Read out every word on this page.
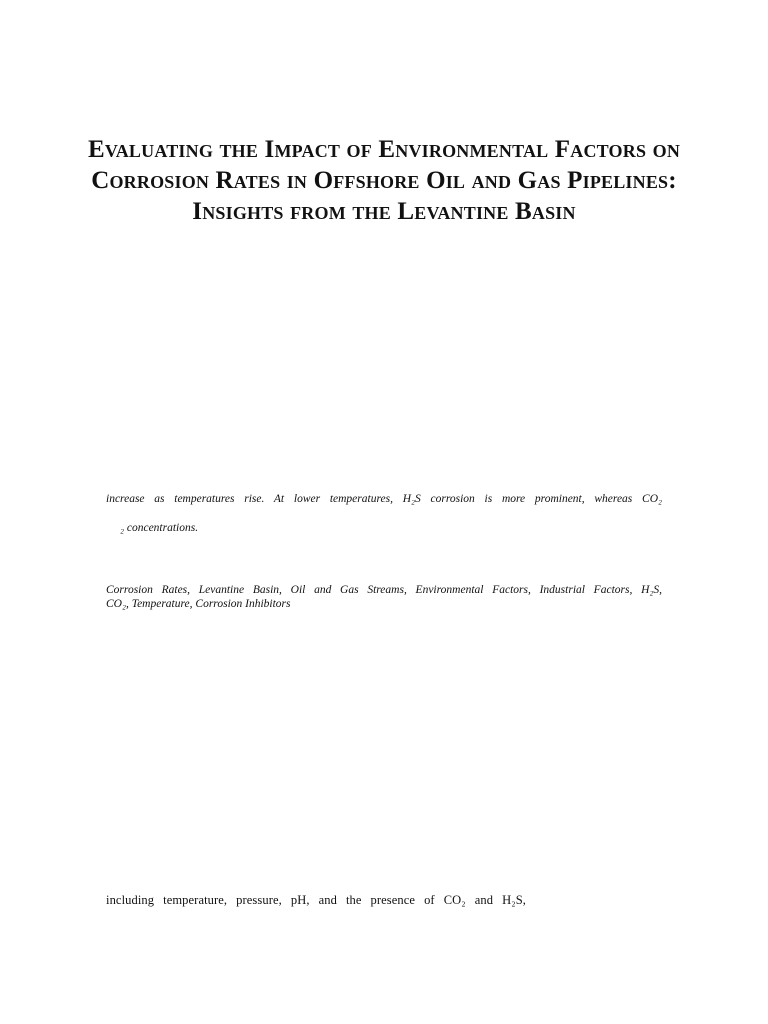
Evaluating the Impact of Environmental Factors on Corrosion Rates in Offshore Oil and Gas Pipelines: Insights from the Levantine Basin
increase as temperatures rise. At lower temperatures, H₂S corrosion is more prominent, whereas CO₂
₂ concentrations.
Corrosion Rates, Levantine Basin, Oil and Gas Streams, Environmental Factors, Industrial Factors, H₂S,
CO₂, Temperature, Corrosion Inhibitors
including temperature, pressure, pH, and the presence of CO₂ and H₂S,
